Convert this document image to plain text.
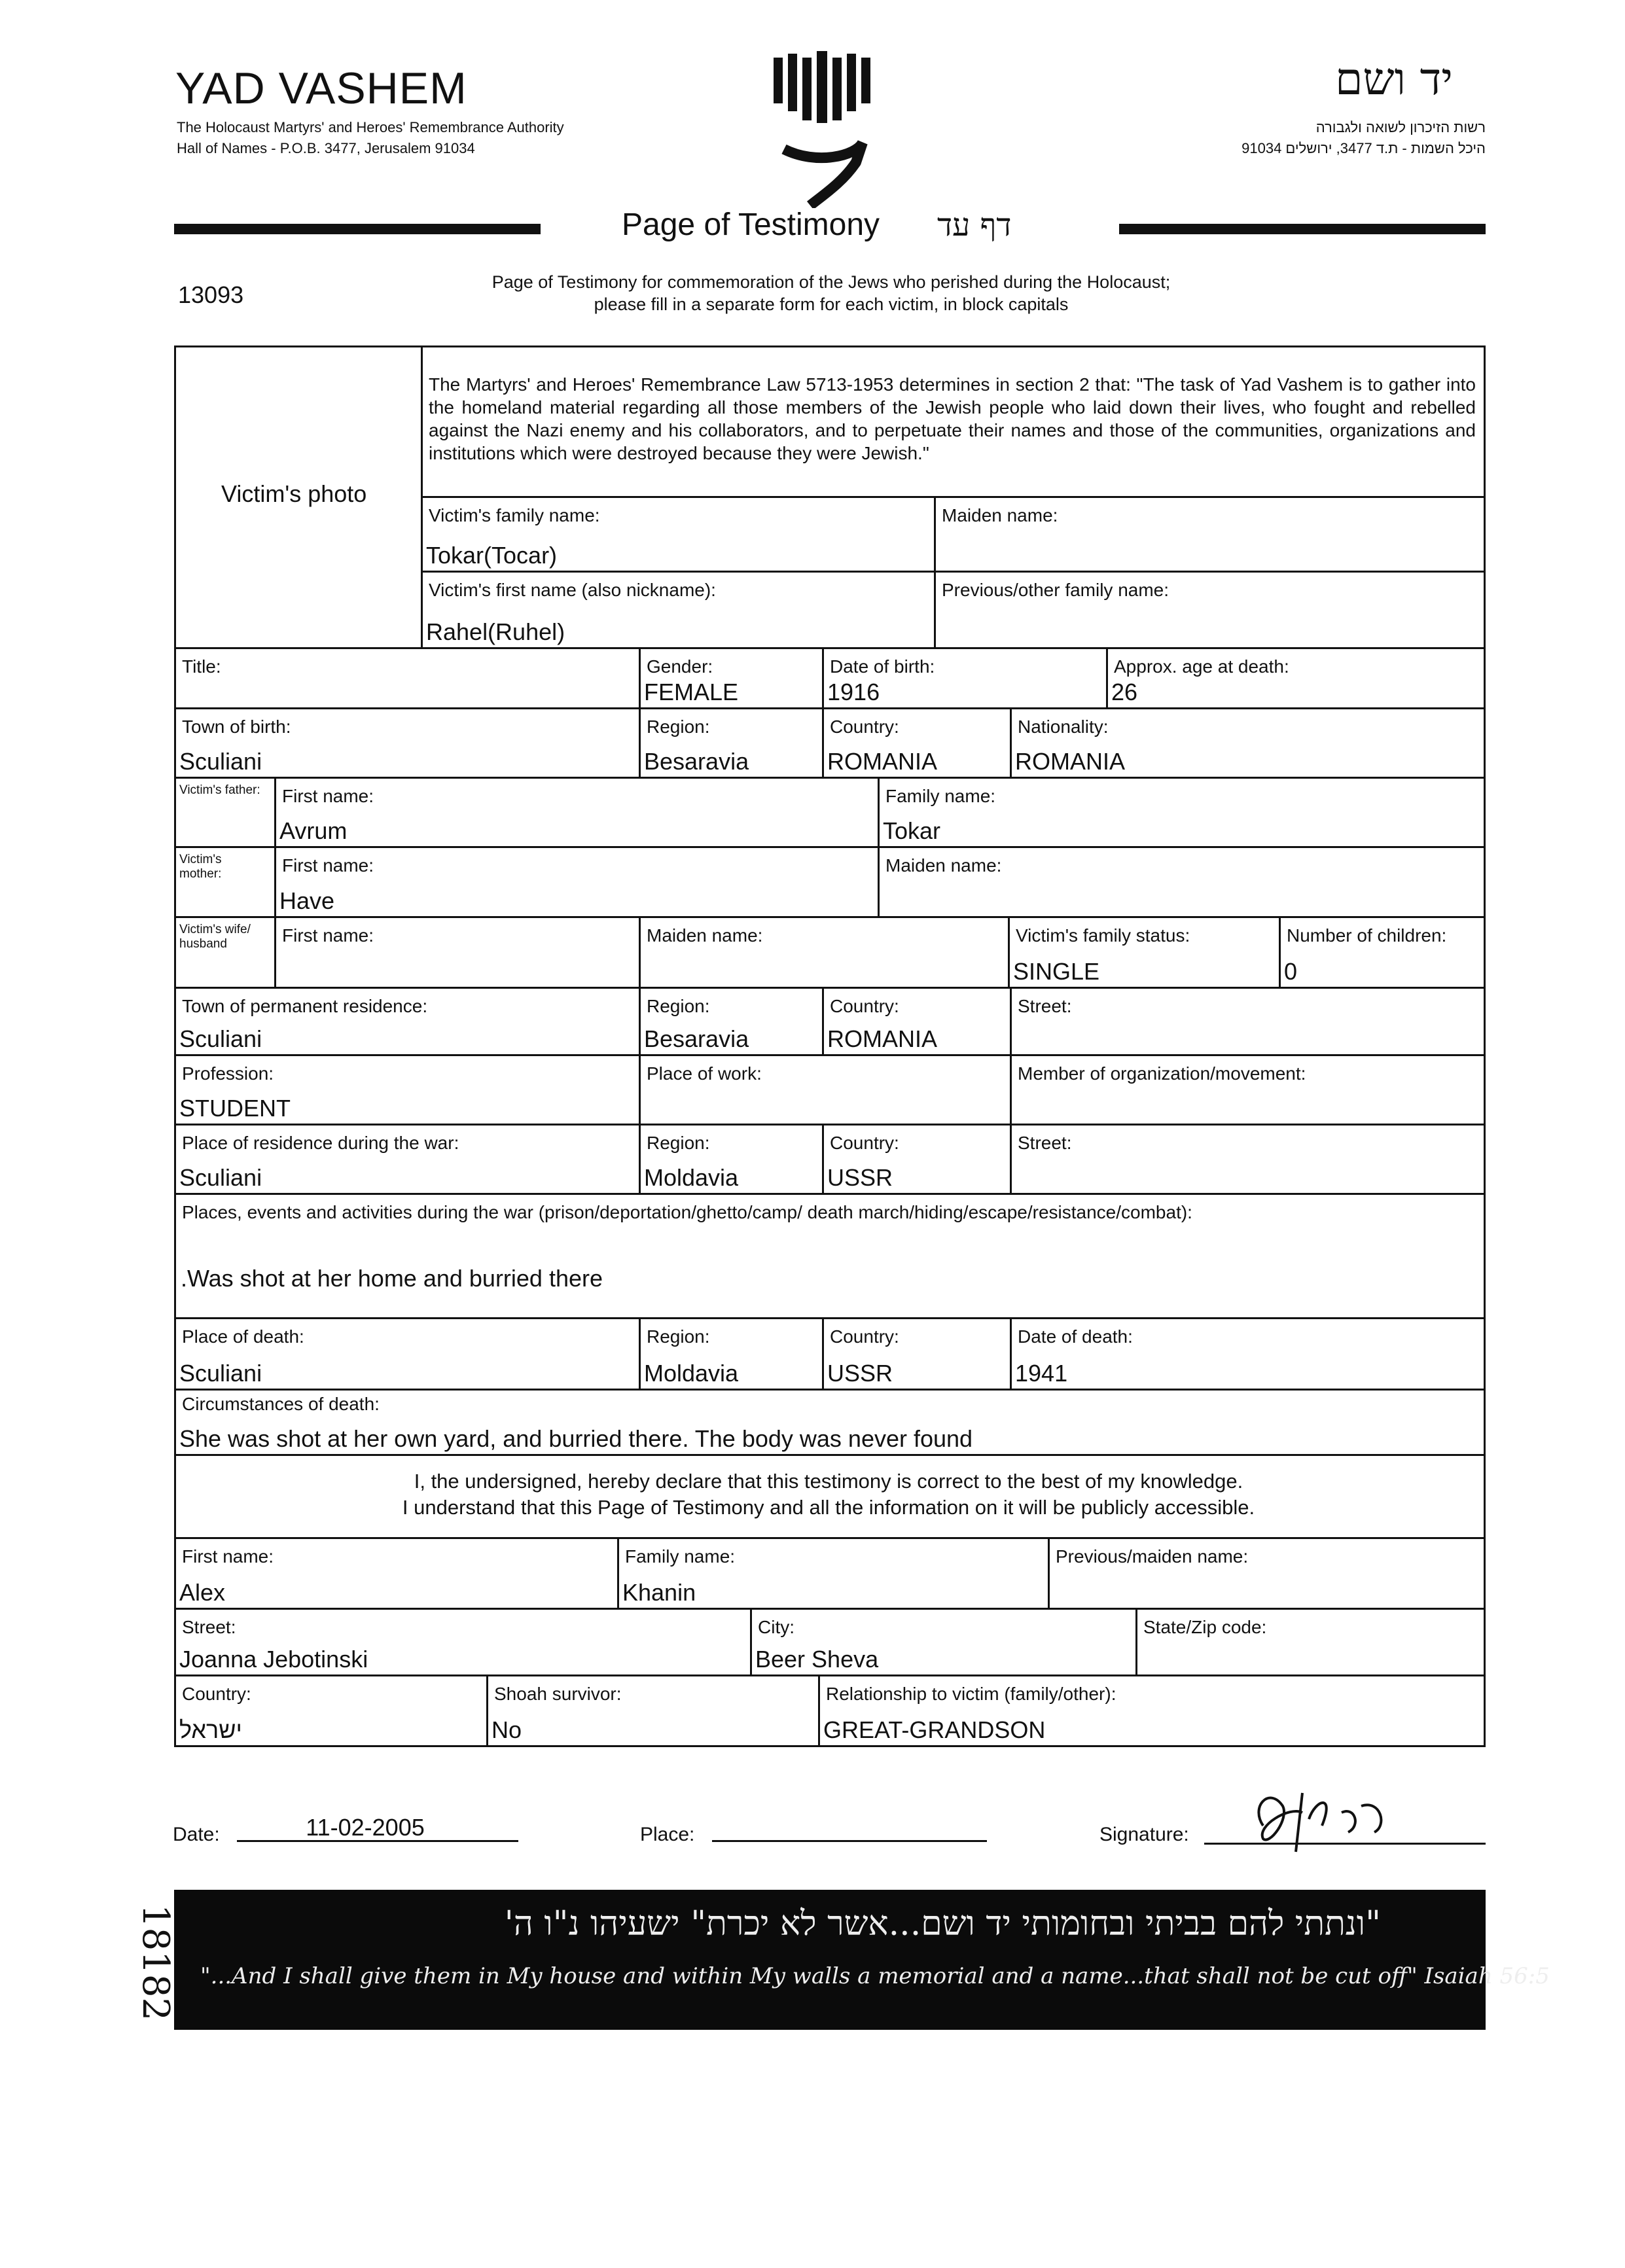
YAD VASHEM
The Holocaust Martyrs' and Heroes' Remembrance Authority
Hall of Names - P.O.B. 3477, Jerusalem 91034
יד ושם
רשות הזיכרון לשואה ולגבורה
היכל השמות - ת.ד 3477, ירושלים 91034
Page of Testimony דף עד
13093	Page of Testimony for commemoration of the Jews who perished during the Holocaust;
please fill in a separate form for each victim, in block capitals
Victim's photo
The Martyrs' and Heroes' Remembrance Law 5713-1953 determines in section 2 that: "The task of Yad Vashem is to gather into the homeland material regarding all those members of the Jewish people who laid down their lives, who fought and rebelled against the Nazi enemy and his collaborators, and to perpetuate their names and those of the communities, organizations and institutions which were destroyed because they were Jewish."
Victim's family name:
Tokar(Tocar)
Maiden name:
Victim's first name (also nickname):
Rahel(Ruhel)
Previous/other family name:
Title:	Gender:
FEMALE
Date of birth:
1916
Approx. age at death:
26
Town of birth:
Sculiani
Region:
Besaravia
Country:
ROMANIA
Nationality:
ROMANIA
Victim's father: First name:
Avrum
Family name:
Tokar
Victim's mother:	First name:
Have
Maiden name:
Victim's wife/ husband	First name:	Maiden name:	Victim's family status:
SINGLE
Number of children:
0
Town of permanent residence:
Sculiani
Region:
Besaravia
Country:
ROMANIA
Street:
Profession:
STUDENT
Place of work:	Member of organization/movement:
Place of residence during the war:
Sculiani
Region:
Moldavia
Country:
USSR
Street:
Places, events and activities during the war (prison/deportation/ghetto/camp/ death march/hiding/escape/resistance/combat):
.Was shot at her home and burried there
Place of death:
Sculiani
Region:
Moldavia
Country:
USSR
Date of death:
1941
Circumstances of death:
She was shot at her own yard, and burried there. The body was never found
I, the undersigned, hereby declare that this testimony is correct to the best of my knowledge.
I understand that this Page of Testimony and all the information on it will be publicly accessible.
First name:
Alex
Family name:
Khanin
Previous/maiden name:
Street:
Joanna Jebotinski
City:
Beer Sheva
State/Zip code:
Country:
ישראל
Shoah survivor:
No
Relationship to victim (family/other):
GREAT-GRANDSON
Date:	11-02-2005	Place:	Signature:
"ונתתי להם בביתי ובחומותי יד ושם...אשר לא יכרת" ישעיהו נ"ו ה'
"...And I shall give them in My house and within My walls a memorial and a name...that shall not be cut off" Isaiah 56:5
18182
